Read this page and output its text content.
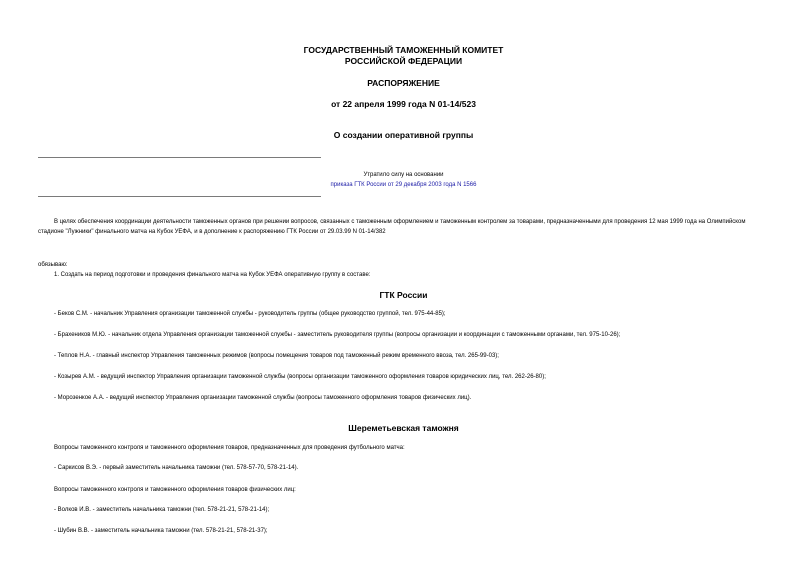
ГОСУДАРСТВЕННЫЙ ТАМОЖЕННЫЙ КОМИТЕТ
РОССИЙСКОЙ ФЕДЕРАЦИИ
РАСПОРЯЖЕНИЕ
от 22 апреля 1999 года N 01-14/523
О создании оперативной группы
Утратило силу на основании
приказа ГТК России от 29 декабря 2003 года N 1566
В целях обеспечения координации деятельности таможенных органов при решении вопросов, связанных с таможенным оформлением и таможенным контролем за товарами, предназначенными для проведения 12 мая 1999 года на Олимпийском стадионе "Лужники" финального матча на Кубок УЕФА, и в дополнение к распоряжению ГТК России от 29.03.99 N 01-14/382
обязываю:
1. Создать на период подготовки и проведения финального матча на Кубок УЕФА оперативную группу в составе:
ГТК России
- Беков С.М. - начальник Управления организации таможенной службы - руководитель группы (общее руководство группой, тел. 975-44-85);
- Брахеников М.Ю. - начальник отдела Управления организации таможенной службы - заместитель руководителя группы (вопросы организации и координации с таможенными органами, тел. 975-10-26);
- Теплов Н.А. - главный инспектор Управления таможенных режимов (вопросы помещения товаров под таможенный режим временного ввоза, тел. 265-99-03);
- Козырев А.М. - ведущий инспектор Управления организации таможенной службы (вопросы организации таможенного оформления товаров юридических лиц, тел. 262-26-80);
- Морозенкое А.А. - ведущий инспектор Управления организации таможенной службы (вопросы таможенного оформления товаров физических лиц).
Шереметьевская таможня
Вопросы таможенного контроля и таможенного оформления товаров, предназначенных для проведения футбольного матча:
- Саркисов В.Э. - первый заместитель начальника таможни (тел. 578-57-70, 578-21-14).
Вопросы таможенного контроля и таможенного оформления товаров физических лиц:
- Волков И.В. - заместитель начальника таможни (тел. 578-21-21, 578-21-14);
- Шубин В.В. - заместитель начальника таможни (тел. 578-21-21, 578-21-37);
